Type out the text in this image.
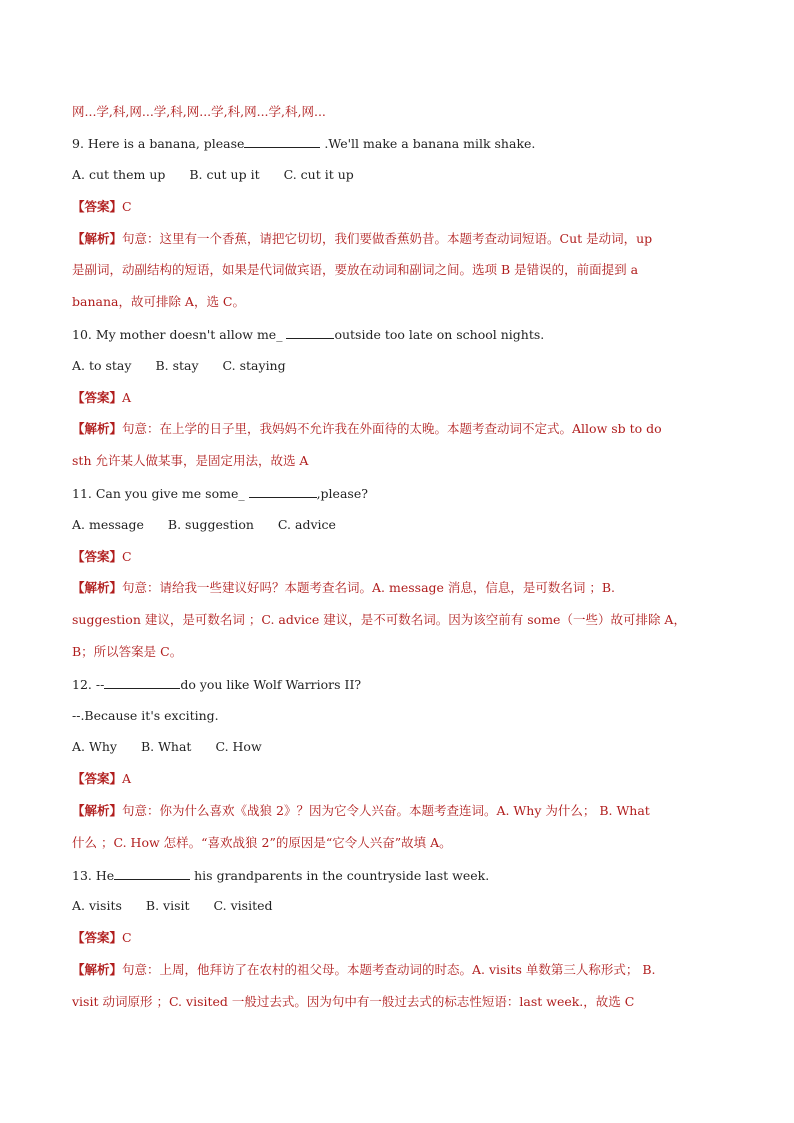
网...学,科,网...学,科,网...学,科,网...学,科,网...
9. Here is a banana, please	.We'll make a banana milk shake.
A. cut them up B. cut up it C. cut it up
【答案】C
【解析】句意：这里有一个香蕉，请把它切切，我们要做香蕉奶昔。本题考查动词短语。Cut 是动词，up
是副词，动副结构的短语，如果是代词做宾语，要放在动词和副词之间。选项 B 是错误的，前面提到 a
banana，故可排除 A，选 C。
10. My mother doesn't allow me_	outside too late on school nights.
A. to stay B. stay C. staying
【答案】A
【解析】句意：在上学的日子里，我妈妈不允许我在外面待的太晚。本题考查动词不定式。Allow sb to do
sth 允许某人做某事，是固定用法，故选 A
11. Can you give me some_	,please?
A. message B. suggestion C. advice
【答案】C
【解析】句意：请给我一些建议好吗？本题考查名词。A. message 消息，信息，是可数名词 ；B.
suggestion 建议，是可数名词 ；C. advice 建议，是不可数名词。因为该空前有 some（一些）故可排除 A，
B；所以答案是 C。
12. --	do you like Wolf Warriors II?
--.Because it's exciting.
A. Why B. What C. How
【答案】A
【解析】句意：你为什么喜欢《战狼 2》？因为它令人兴奋。本题考查连词。A. Why 为什么； B. What
什么 ；C. How 怎样。“喜欢战狼 2”的原因是“它令人兴奋”故填 A。
13. He	his grandparents in the countryside last week.
A. visits B. visit C. visited
【答案】C
【解析】句意：上周，他拜访了在农村的祖父母。本题考查动词的时态。A. visits 单数第三人称形式； B.
visit 动词原形 ；C. visited 一般过去式。因为句中有一般过去式的标志性短语：last week.，故选 C
